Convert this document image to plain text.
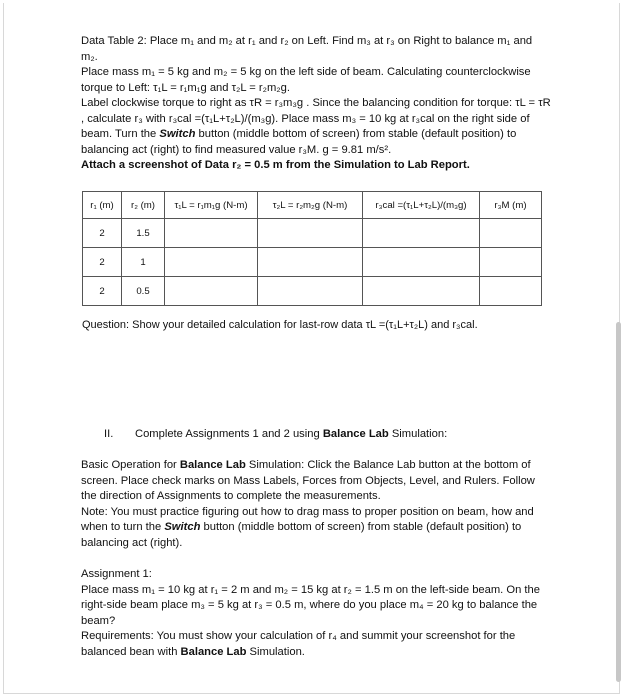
Data Table 2: Place m₁ and m₂ at r₁ and r₂ on Left. Find m₃ at r₃ on Right to balance m₁ and m₂.

Place mass m₁ = 5 kg and m₂ = 5 kg on the left side of beam. Calculating counterclockwise torque to Left: τ₁L = r₁m₁g and τ₂L = r₂m₂g.

Label clockwise torque to right as τR = r₃m₃g . Since the balancing condition for torque: τL = τR , calculate r₃ with r₃cal =(τ₁L+τ₂L)/(m₃g). Place mass m₃ = 10 kg at r₃cal on the right side of beam. Turn the Switch button (middle bottom of screen) from stable (default position) to balancing act (right) to find measured value r₃M. g = 9.81 m/s².

Attach a screenshot of Data r₂ = 0.5 m from the Simulation to Lab Report.

r₁ (m)	r₂ (m)	τ₁L = r₁m₁g (N-m)	τ₂L = r₂m₂g (N-m)	r₃cal =(τ₁L+τ₂L)/(m₃g)	r₃M (m)
2	1.5				
2	1				
2	0.5				
Question: Show your detailed calculation for last-row data τL =(τ₁L+τ₂L) and r₃cal.
II. Complete Assignments 1 and 2 using Balance Lab Simulation:

Basic Operation for Balance Lab Simulation: Click the Balance Lab button at the bottom of screen. Place check marks on Mass Labels, Forces from Objects, Level, and Rulers. Follow the direction of Assignments to complete the measurements.

Note: You must practice figuring out how to drag mass to proper position on beam, how and when to turn the Switch button (middle bottom of screen) from stable (default position) to balancing act (right).

Assignment 1:

Place mass m₁ = 10 kg at r₁ = 2 m and m₂ = 15 kg at r₂ = 1.5 m on the left-side beam. On the right-side beam place m₃ = 5 kg at r₃ = 0.5 m, where do you place m₄ = 20 kg to balance the beam?

Requirements: You must show your calculation of r₄ and summit your screenshot for the balanced bean with Balance Lab Simulation.
